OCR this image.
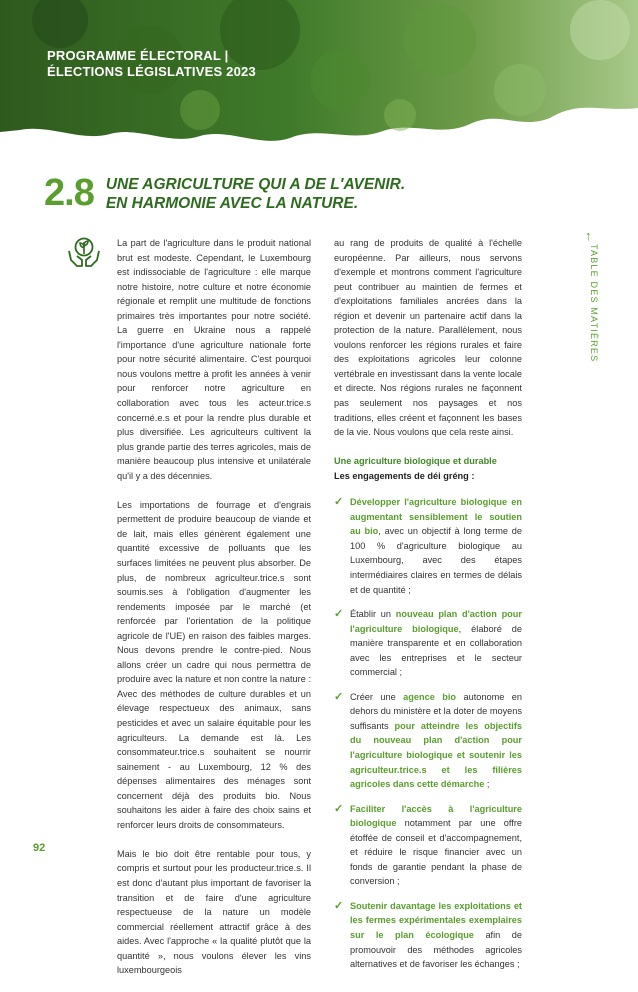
PROGRAMME ÉLECTORAL |
ÉLECTIONS LÉGISLATIVES 2023
2.8 UNE AGRICULTURE QUI A DE L'AVENIR.
EN HARMONIE AVEC LA NATURE.

La part de l'agriculture dans le produit national brut est modeste. Cependant, le Luxembourg est indissociable de l'agriculture : elle marque notre histoire, notre culture et notre économie régionale et remplit une multitude de fonctions primaires très importantes pour notre société. La guerre en Ukraine nous a rappelé l'importance d'une agriculture nationale forte pour notre sécurité alimentaire. C'est pourquoi nous voulons mettre à profit les années à venir pour renforcer notre agriculture en collaboration avec tous les acteur.trice.s concerné.e.s et pour la rendre plus durable et plus diversifiée. Les agriculteurs cultivent la plus grande partie des terres agricoles, mais de manière beaucoup plus intensive et unilatérale qu'il y a des décennies.

Les importations de fourrage et d'engrais permettent de produire beaucoup de viande et de lait, mais elles génèrent également une quantité excessive de polluants que les surfaces limitées ne peuvent plus absorber. De plus, de nombreux agriculteur.trice.s sont soumis.ses à l'obligation d'augmenter les rendements imposée par le marché (et renforcée par l'orientation de la politique agricole de l'UE) en raison des faibles marges. Nous devons prendre le contre-pied. Nous allons créer un cadre qui nous permettra de produire avec la nature et non contre la nature : Avec des méthodes de culture durables et un élevage respectueux des animaux, sans pesticides et avec un salaire équitable pour les agriculteurs. La demande est là. Les consommateur.trice.s souhaitent se nourrir sainement - au Luxembourg, 12 % des dépenses alimentaires des ménages sont concernent déjà des produits bio. Nous souhaitons les aider à faire des choix sains et renforcer leurs droits de consommateurs.

Mais le bio doit être rentable pour tous, y compris et surtout pour les producteur.trice.s. Il est donc d'autant plus important de favoriser la transition et de faire d'une agriculture respectueuse de la nature un modèle commercial réellement attractif grâce à des aides. Avec l'approche « la qualité plutôt que la quantité », nous voulons élever les vins luxembourgeois

au rang de produits de qualité à l'échelle européenne. Par ailleurs, nous servons d'exemple et montrons comment l'agriculture peut contribuer au maintien de fermes et d'exploitations familiales ancrées dans la région et devenir un partenaire actif dans la protection de la nature. Parallèlement, nous voulons renforcer les régions rurales et faire des exploitations agricoles leur colonne vertébrale en investissant dans la vente locale et directe. Nos régions rurales ne façonnent pas seulement nos paysages et nos traditions, elles créent et façonnent les bases de la vie. Nous voulons que cela reste ainsi.

Une agriculture biologique et durable
Les engagements de déi gréng :
✓ Développer l'agriculture biologique en augmentant sensiblement le soutien au bio, avec un objectif à long terme de 100 % d'agriculture biologique au Luxembourg, avec des étapes intermédiaires claires en termes de délais et de quantité ;
✓ Établir un nouveau plan d'action pour l'agriculture biologique, élaboré de manière transparente et en collaboration avec les entreprises et le secteur commercial ;
✓ Créer une agence bio autonome en dehors du ministère et la doter de moyens suffisants pour atteindre les objectifs du nouveau plan d'action pour l'agriculture biologique et soutenir les agriculteur.trice.s et les filières agricoles dans cette démarche ;
✓ Faciliter l'accès à l'agriculture biologique notamment par une offre étoffée de conseil et d'accompagnement, et réduire le risque financier avec un fonds de garantie pendant la phase de conversion ;
✓ Soutenir davantage les exploitations et les fermes expérimentales exemplaires sur le plan écologique afin de promouvoir des méthodes agricoles alternatives et de favoriser les échanges ;
↑
TABLE DES MATIÈRES
92
